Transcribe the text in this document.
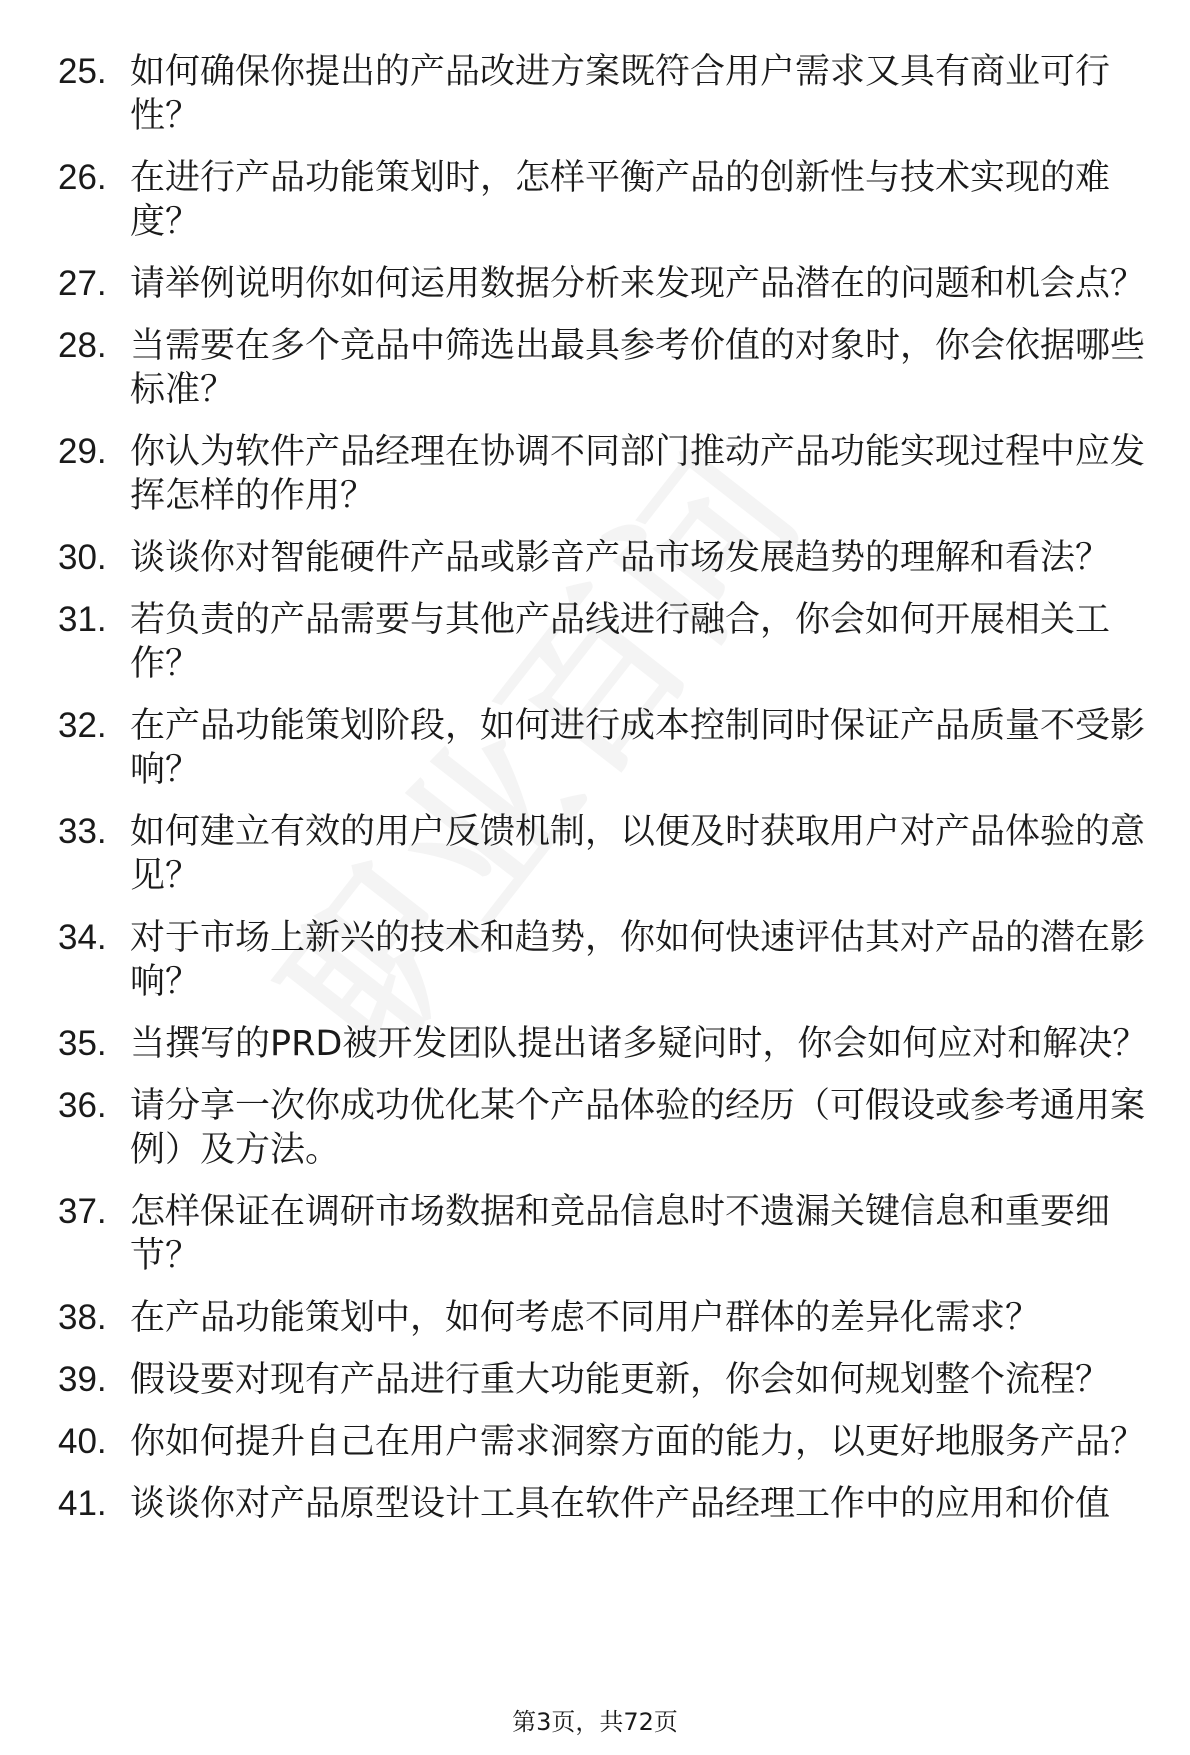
25. 如何确保你提出的产品改进方案既符合用户需求又具有商业可行性？
26. 在进行产品功能策划时，怎样平衡产品的创新性与技术实现的难度？
27. 请举例说明你如何运用数据分析来发现产品潜在的问题和机会点？
28. 当需要在多个竞品中筛选出最具参考价值的对象时，你会依据哪些标准？
29. 你认为软件产品经理在协调不同部门推动产品功能实现过程中应发挥怎样的作用？
30. 谈谈你对智能硬件产品或影音产品市场发展趋势的理解和看法？
31. 若负责的产品需要与其他产品线进行融合，你会如何开展相关工作？
32. 在产品功能策划阶段，如何进行成本控制同时保证产品质量不受影响？
33. 如何建立有效的用户反馈机制，以便及时获取用户对产品体验的意见？
34. 对于市场上新兴的技术和趋势，你如何快速评估其对产品的潜在影响？
35. 当撰写的PRD被开发团队提出诸多疑问时，你会如何应对和解决？
36. 请分享一次你成功优化某个产品体验的经历（可假设或参考通用案例）及方法。
37. 怎样保证在调研市场数据和竞品信息时不遗漏关键信息和重要细节？
38. 在产品功能策划中，如何考虑不同用户群体的差异化需求？
39. 假设要对现有产品进行重大功能更新，你会如何规划整个流程？
40. 你如何提升自己在用户需求洞察方面的能力，以更好地服务产品？
41. 谈谈你对产品原型设计工具在软件产品经理工作中的应用和价值
第3页，共72页
